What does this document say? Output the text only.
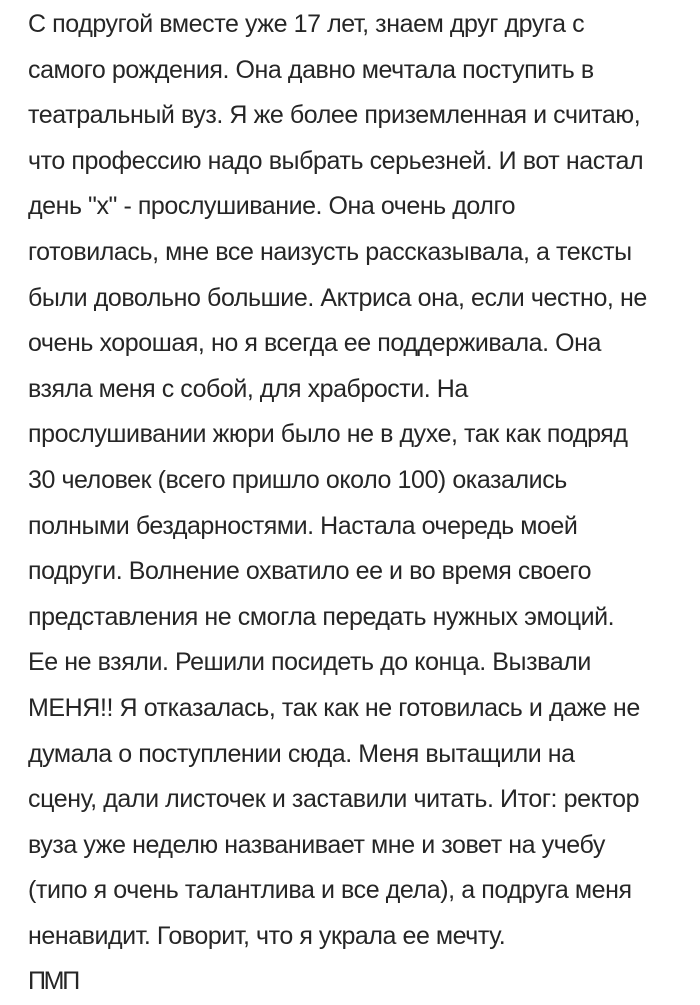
С подругой вместе уже 17 лет, знаем друг друга с
самого рождения. Она давно мечтала поступить в
театральный вуз. Я же более приземленная и считаю,
что профессию надо выбрать серьезней. И вот настал
день "х" - прослушивание. Она очень долго
готовилась, мне все наизусть рассказывала, а тексты
были довольно большие. Актриса она, если честно, не
очень хорошая, но я всегда ее поддерживала. Она
взяла меня с собой, для храбрости. На
прослушивании жюри было не в духе, так как подряд
30 человек (всего пришло около 100) оказались
полными бездарностями. Настала очередь моей
подруги. Волнение охватило ее и во время своего
представления не смогла передать нужных эмоций.
Ее не взяли. Решили посидеть до конца. Вызвали
МЕНЯ!! Я отказалась, так как не готовилась и даже не
думала о поступлении сюда. Меня вытащили на
сцену, дали листочек и заставили читать. Итог: ректор
вуза уже неделю названивает мне и зовет на учебу
(типо я очень талантлива и все дела), а подруга меня
ненавидит. Говорит, что я украла ее мечту.
ПМП
